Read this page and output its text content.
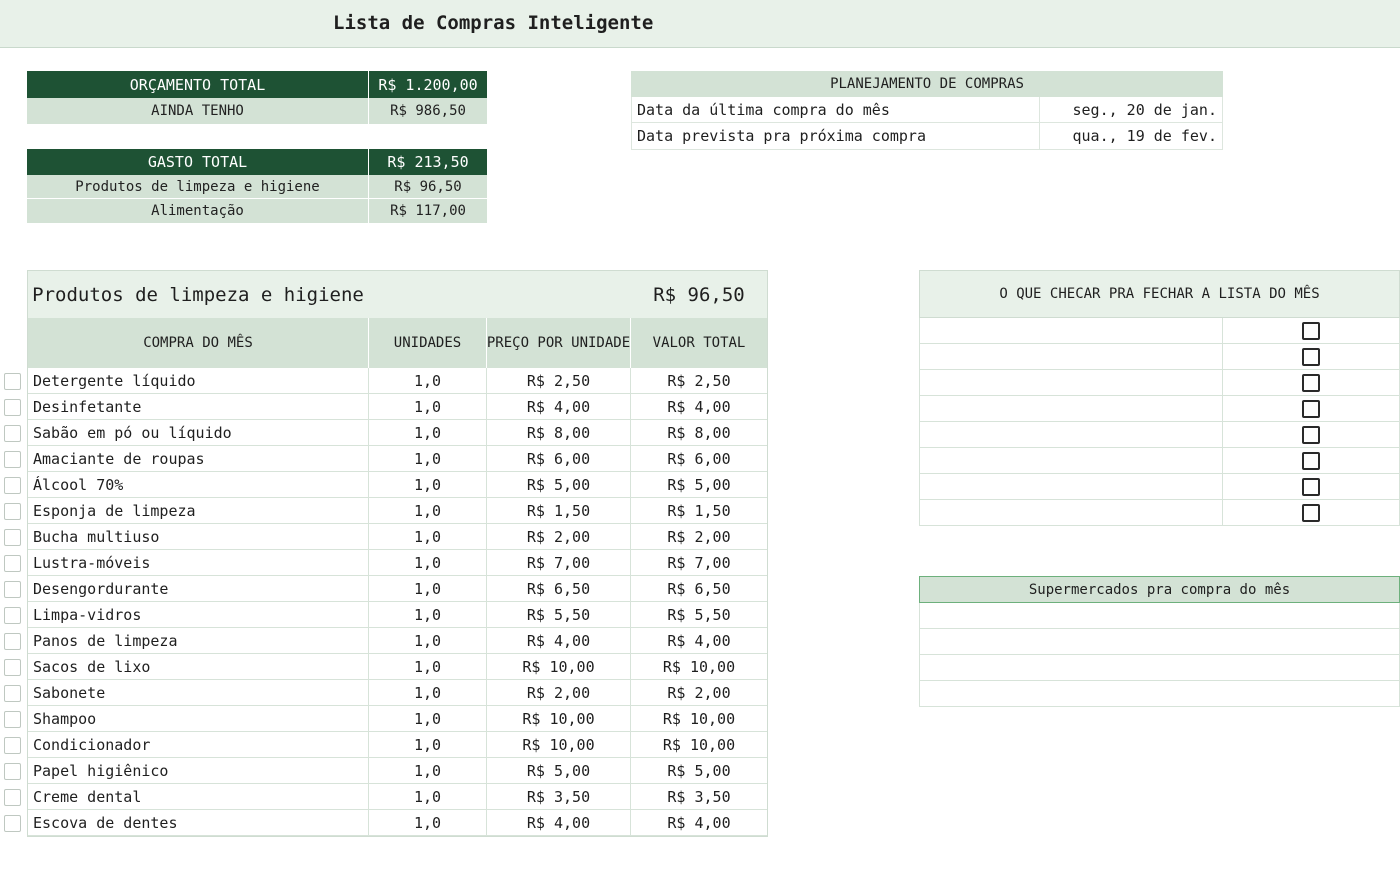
Lista de Compras Inteligente
ORÇAMENTO TOTAL	R$ 1.200,00
AINDA TENHO	R$ 986,50
GASTO TOTAL	R$ 213,50
Produtos de limpeza e higiene	R$ 96,50
Alimentação	R$ 117,00
PLANEJAMENTO DE COMPRAS
Data da última compra do mês	seg., 20 de jan.
Data prevista pra próxima compra	qua., 19 de fev.
Produtos de limpeza e higiene	R$ 96,50
COMPRA DO MÊS	UNIDADES	PREÇO POR UNIDADE	VALOR TOTAL
Detergente líquido	1,0	R$ 2,50	R$ 2,50
Desinfetante	1,0	R$ 4,00	R$ 4,00
Sabão em pó ou líquido	1,0	R$ 8,00	R$ 8,00
Amaciante de roupas	1,0	R$ 6,00	R$ 6,00
Álcool 70%	1,0	R$ 5,00	R$ 5,00
Esponja de limpeza	1,0	R$ 1,50	R$ 1,50
Bucha multiuso	1,0	R$ 2,00	R$ 2,00
Lustra-móveis	1,0	R$ 7,00	R$ 7,00
Desengordurante	1,0	R$ 6,50	R$ 6,50
Limpa-vidros	1,0	R$ 5,50	R$ 5,50
Panos de limpeza	1,0	R$ 4,00	R$ 4,00
Sacos de lixo	1,0	R$ 10,00	R$ 10,00
Sabonete	1,0	R$ 2,00	R$ 2,00
Shampoo	1,0	R$ 10,00	R$ 10,00
Condicionador	1,0	R$ 10,00	R$ 10,00
Papel higiênico	1,0	R$ 5,00	R$ 5,00
Creme dental	1,0	R$ 3,50	R$ 3,50
Escova de dentes	1,0	R$ 4,00	R$ 4,00
O QUE CHECAR PRA FECHAR A LISTA DO MÊS
Supermercados pra compra do mês
